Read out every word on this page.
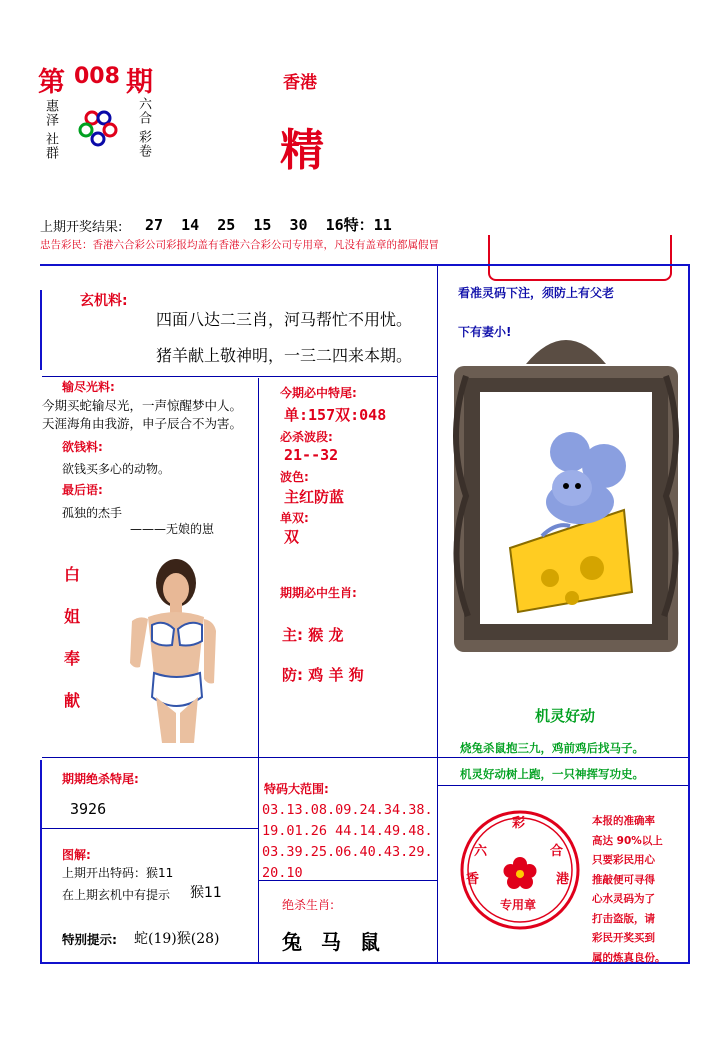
第 008 期
惠泽
社群
六合
彩卷
香港
精
上期开奖结果: 27  14  25  15  30  16特：11
忠告彩民：香港六合彩公司彩报均盖有香港六合彩公司专用章，凡没有盖章的都属假冒
玄机料:
四面八达二三肖，河马帮忙不用忧。
猪羊献上敬神明，一三二四来本期。
输尽光料:
今期买蛇输尽光，一声惊醒梦中人。
天涯海角由我游，申子辰合不为害。
欲钱料:
欲钱买多心的动物。
最后语:
孤独的杰手
———无娘的崽
白
姐
奉
献
今期必中特尾:
单:157双:048
必杀波段:
21--32
波色:
主红防蓝
单双:
双
期期必中生肖:
主: 猴 龙
防: 鸡 羊 狗
看准灵码下注，须防上有父老
下有妻小!
机灵好动
烧兔杀鼠抱三九，鸡前鸡后找马子。
机灵好动树上跑，一只神挥写功史。
期期绝杀特尾:
3926
特码大范围:
03.13.08.09.24.34.38.
19.01.26 44.14.49.48.
03.39.25.06.40.43.29.
20.10
图解:
上期开出特码：猴11
在上期玄机中有提示 猴11
特别提示: 蛇(19)猴(28)
绝杀生肖:
兔 马 鼠
彩
六	合
香	港
专用章
本报的准确率
高达 90%以上
只要彩民用心
推敲便可寻得
心水灵码为了
打击盗版，请
彩民开奖买到
属的炼真良份。
